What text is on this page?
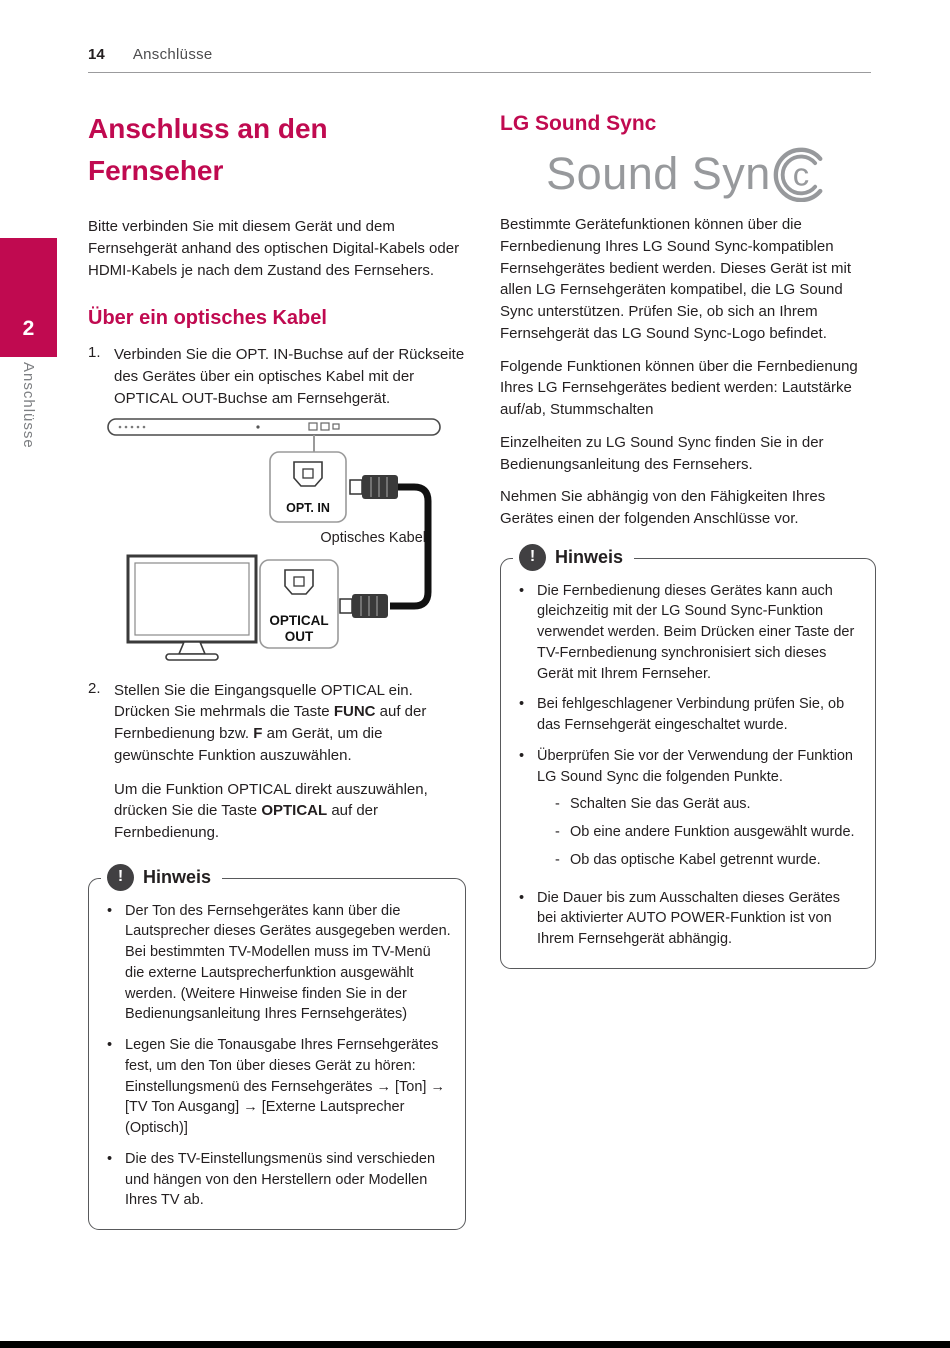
14 Anschlüsse
2
Anschlüsse
Anschluss an den Fernseher

Bitte verbinden Sie mit diesem Gerät und dem Fernsehgerät anhand des optischen Digital-Kabels oder HDMI-Kabels je nach dem Zustand des Fernsehers.

Über ein optisches Kabel
1. Verbinden Sie die OPT. IN-Buchse auf der Rückseite des Gerätes über ein optisches Kabel mit der OPTICAL OUT-Buchse am Fernsehgerät.
OPT. IN
Optisches Kabel
OPTICAL
OUT
2. Stellen Sie die Eingangsquelle OPTICAL ein. Drücken Sie mehrmals die Taste FUNC auf der Fernbedienung bzw. F am Gerät, um die gewünschte Funktion auszuwählen.

Um die Funktion OPTICAL direkt auszuwählen, drücken Sie die Taste OPTICAL auf der Fernbedienung.

!	Hinweis
• Der Ton des Fernsehgerätes kann über die Lautsprecher dieses Gerätes ausgegeben werden. Bei bestimmten TV-Modellen muss im TV-Menü die externe Lautsprecherfunktion ausgewählt werden. (Weitere Hinweise finden Sie in der Bedienungsanleitung Ihres Fernsehgerätes)
• Legen Sie die Tonausgabe Ihres Fernsehgerätes fest, um den Ton über dieses Gerät zu hören: Einstellungsmenü des Fernsehgerätes → [Ton] → [TV Ton Ausgang] → [Externe Lautsprecher (Optisch)]
• Die des TV-Einstellungsmenüs sind verschieden und hängen von den Herstellern oder Modellen Ihres TV ab.
LG Sound Sync
Sound Syn c

Bestimmte Gerätefunktionen können über die Fernbedienung Ihres LG Sound Sync-kompatiblen Fernsehgerätes bedient werden. Dieses Gerät ist mit allen LG Fernsehgeräten kompatibel, die LG Sound Sync unterstützen. Prüfen Sie, ob sich an Ihrem Fernsehgerät das LG Sound Sync-Logo befindet.

Folgende Funktionen können über die Fernbedienung Ihres LG Fernsehgerätes bedient werden: Lautstärke auf/ab, Stummschalten

Einzelheiten zu LG Sound Sync finden Sie in der Bedienungsanleitung des Fernsehers.

Nehmen Sie abhängig von den Fähigkeiten Ihres Gerätes einen der folgenden Anschlüsse vor.

!	Hinweis
• Die Fernbedienung dieses Gerätes kann auch gleichzeitig mit der LG Sound Sync-Funktion verwendet werden. Beim Drücken einer Taste der TV-Fernbedienung synchronisiert sich dieses Gerät mit Ihrem Fernseher.
• Bei fehlgeschlagener Verbindung prüfen Sie, ob das Fernsehgerät eingeschaltet wurde.
• Überprüfen Sie vor der Verwendung der Funktion LG Sound Sync die folgenden Punkte.
- Schalten Sie das Gerät aus.
- Ob eine andere Funktion ausgewählt wurde.
- Ob das optische Kabel getrennt wurde.
• Die Dauer bis zum Ausschalten dieses Gerätes bei aktivierter AUTO POWER-Funktion ist von Ihrem Fernsehgerät abhängig.
